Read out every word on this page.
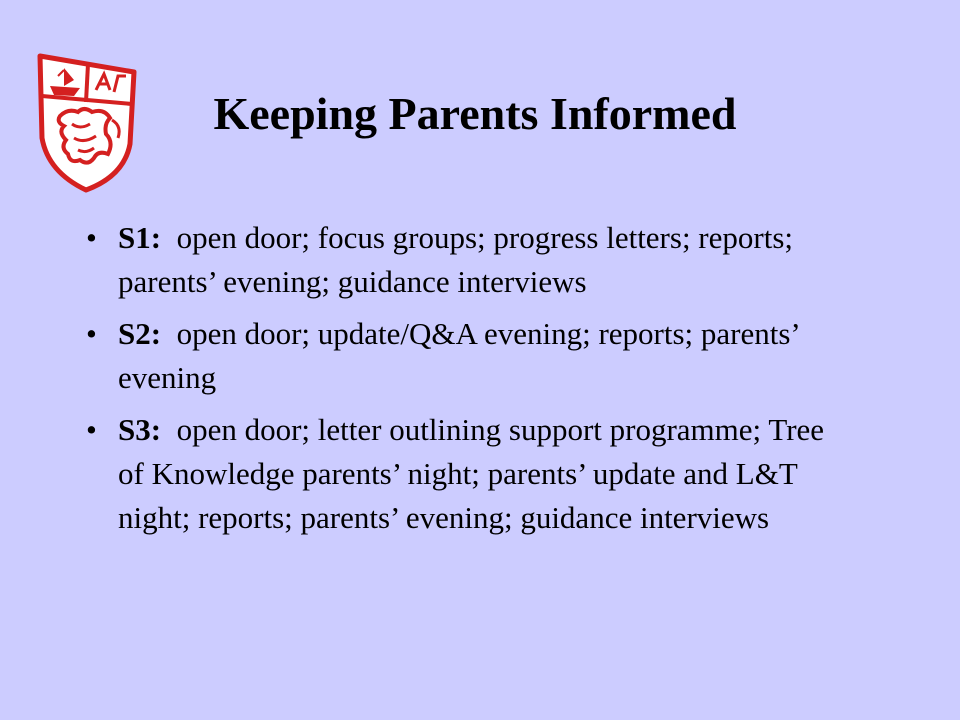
Keeping Parents Informed
• S1: open door; focus groups; progress letters; reports; parents’ evening; guidance interviews
• S2: open door; update/Q&A evening; reports; parents’ evening
• S3: open door; letter outlining support programme; Tree of Knowledge parents’ night; parents’ update and L&T night; reports; parents’ evening; guidance interviews
